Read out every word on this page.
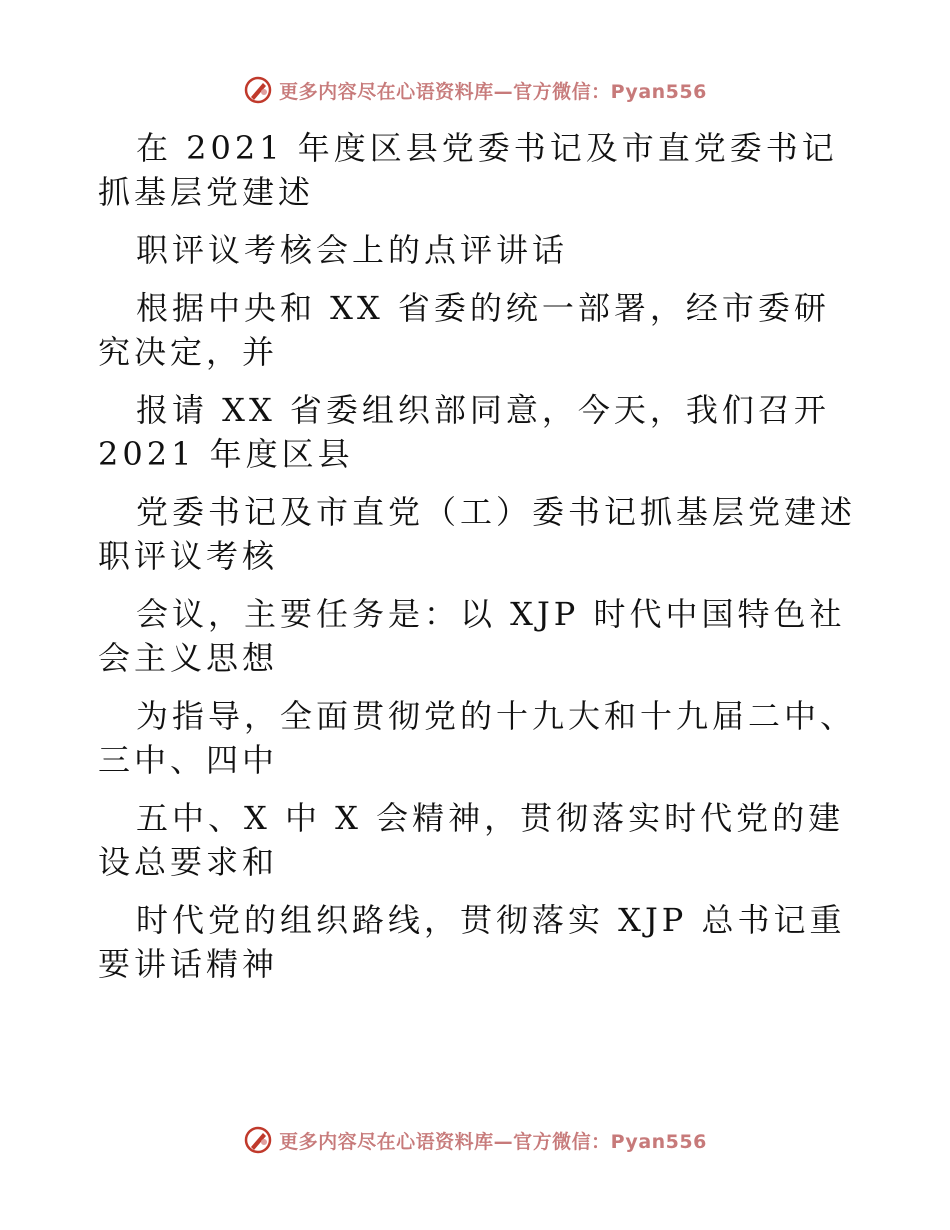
更多内容尽在心语资料库—官方微信：Pyan556

在 2021 年度区县党委书记及市直党委书记抓基层党建述

职评议考核会上的点评讲话

根据中央和 XX 省委的统一部署，经市委研究决定，并

报请 XX 省委组织部同意，今天，我们召开 2021 年度区县

党委书记及市直党（工）委书记抓基层党建述职评议考核

会议，主要任务是：以 XJP 时代中国特色社会主义思想

为指导，全面贯彻党的十九大和十九届二中、三中、四中

五中、X 中 X 会精神，贯彻落实时代党的建设总要求和

时代党的组织路线，贯彻落实 XJP 总书记重要讲话精神

更多内容尽在心语资料库—官方微信：Pyan556
